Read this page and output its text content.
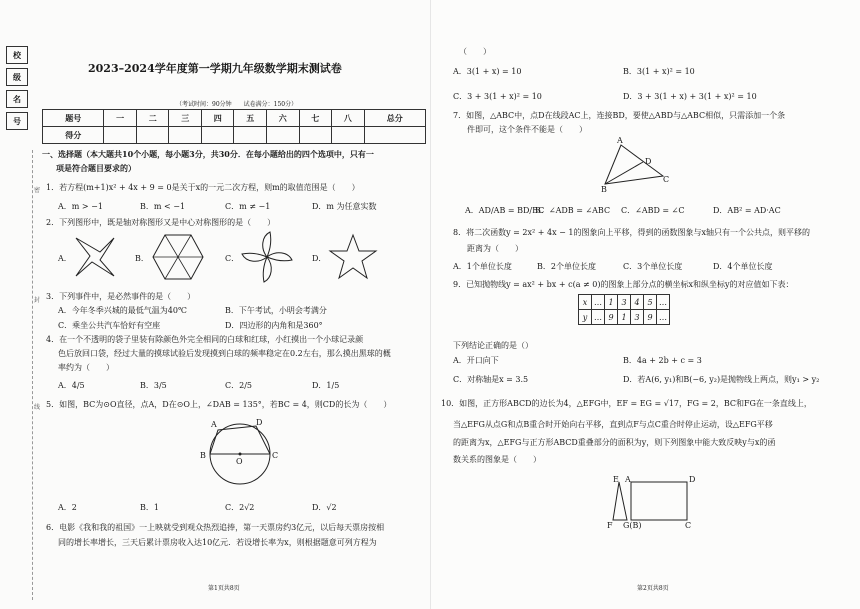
校
级
名
号
密
封
线
2023–2024学年度第一学期九年级数学期末测试卷
（考试时间：90分钟　　试卷满分：150分）
题号	一	二	三	四	五	六	七	八	总分
得分									
一、选择题（本大题共10个小题，每小题3分，共30分．在每小题给出的四个选项中，只有一
项是符合题目要求的）
1．若方程(m+1)x² + 4x + 9 = 0是关于x的一元二次方程，则m的取值范围是（　　）
A．m > −1	B．m < −1	C．m ≠ −1	D．m 为任意实数
2．下列图形中，既是轴对称图形又是中心对称图形的是（　　）
A．	B．	C．	D．
3．下列事件中，是必然事件的是（　　）
A．今年冬季兴城的最低气温为40℃	B．下午考试，小明会考满分
C．乘坐公共汽车恰好有空座	D．四边形的内角和是360°
4．在一个不透明的袋子里装有除颜色外完全相同的白球和红球，小红摸出一个小球记录颜
色后放回口袋，经过大量的摸球试验后发现摸到白球的频率稳定在0.2左右，那么摸出黑球的概
率约为（　　）
A．4/5	B．3/5	C．2/5	D．1/5
5．如图，BC为⊙O直径，点A，D在⊙O上，∠DAB = 135°，若BC = 4，则CD的长为（　　）
A	D
B
O
C
A．2	B．1	C．2√2	D．√2
6．电影《我和我的祖国》一上映就受到观众热烈追捧，第一天票房约3亿元，以后每天票房按相
同的增长率增长，三天后累计票房收入达10亿元．若设增长率为x，则根据题意可列方程为
第1页共8页
（　　）
A．3(1 + x) = 10	B．3(1 + x)² = 10
C．3 + 3(1 + x)² = 10	D．3 + 3(1 + x) + 3(1 + x)² = 10
7．如图，△ABC中，点D在线段AC上，连接BD，要使△ABD与△ABC相似，只需添加一个条
件即可，这个条件不能是（　　）
A
D
B
C
A．AD/AB = BD/BC
B．∠ADB = ∠ABC C．∠ABD = ∠C	D．AB² = AD·AC
8．将二次函数y = 2x² + 4x − 1的图象向上平移，得到的函数图象与x轴只有一个公共点，则平移的
距离为（　　）
A．1个单位长度	B．2个单位长度	C．3个单位长度	D．4个单位长度
9．已知抛物线y = ax² + bx + c(a ≠ 0)的图象上部分点的横坐标x和纵坐标y的对应值如下表：
下列结论正确的是（）
A．开口向下	B．4a + 2b + c = 3
C．对称轴是x = 3.5	D．若A(6, y₁)和B(−6, y₂)是抛物线上两点，则y₁ > y₂
10．如图，正方形ABCD的边长为4，△EFG中，EF = EG = √17，FG = 2，BC和FG在一条直线上，
当△EFG从点G和点B重合时开始向右平移，直到点F与点C重合时停止运动，设△EFG平移
的距离为x，△EFG与正方形ABCD重叠部分的面积为y，则下列图象中能大致反映y与x的函
数关系的图象是（　　）
E A	D
F G(B)	C
第2页共8页
x	…	1	3	4	5	…
y	…	9	1	3	9	…
